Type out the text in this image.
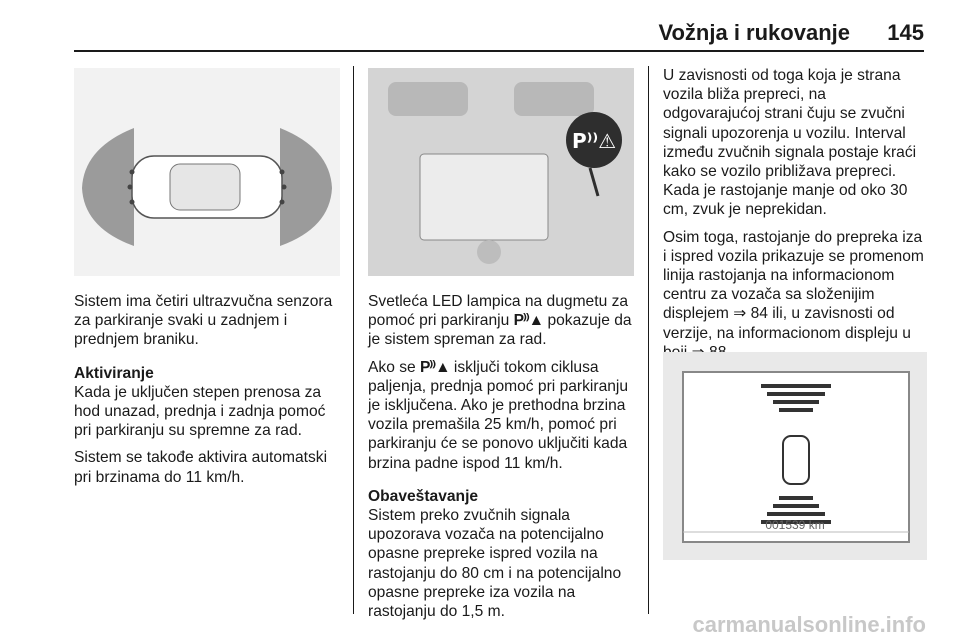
Vožnja i rukovanje 145
P⁾⁾⚠

Sistem ima četiri ultrazvučna senzora za parkiranje svaki u zadnjem i prednjem braniku.

Aktiviranje

Kada je uključen stepen prenosa za hod unazad, prednja i zadnja pomoć pri parkiranju su spremne za rad.

Sistem se takođe aktivira automatski pri brzinama do 11 km/h.

Svetleća LED lampica na dugmetu za pomoć pri parkiranju P⁾⁾▲ pokazuje da je sistem spreman za rad.

Ako se P⁾⁾▲ isključi tokom ciklusa paljenja, prednja pomoć pri parkiranju je isključena. Ako je prethodna brzina vozila premašila 25 km/h, pomoć pri parkiranju će se ponovo uključiti kada brzina padne ispod 11 km/h.

Obaveštavanje

Sistem preko zvučnih signala upozorava vozača na potencijalno opasne prepreke ispred vozila na rastojanju do 80 cm i na potencijalno opasne prepreke iza vozila na rastojanju do 1,5 m.

U zavisnosti od toga koja je strana vozila bliža prepreci, na odgovarajućoj strani čuju se zvučni signali upozorenja u vozilu. Interval između zvučnih signala postaje kraći kako se vozilo približava prepreci. Kada je rastojanje manje od oko 30 cm, zvuk je neprekidan.

Osim toga, rastojanje do prepreka iza i ispred vozila prikazuje se promenom linija rastojanja na informacionom centru za vozača sa složenijim displejem ⇒ 84 ili, u zavisnosti od verzije, na informacionom displeju u

001539 km
carmanualsonline.info
